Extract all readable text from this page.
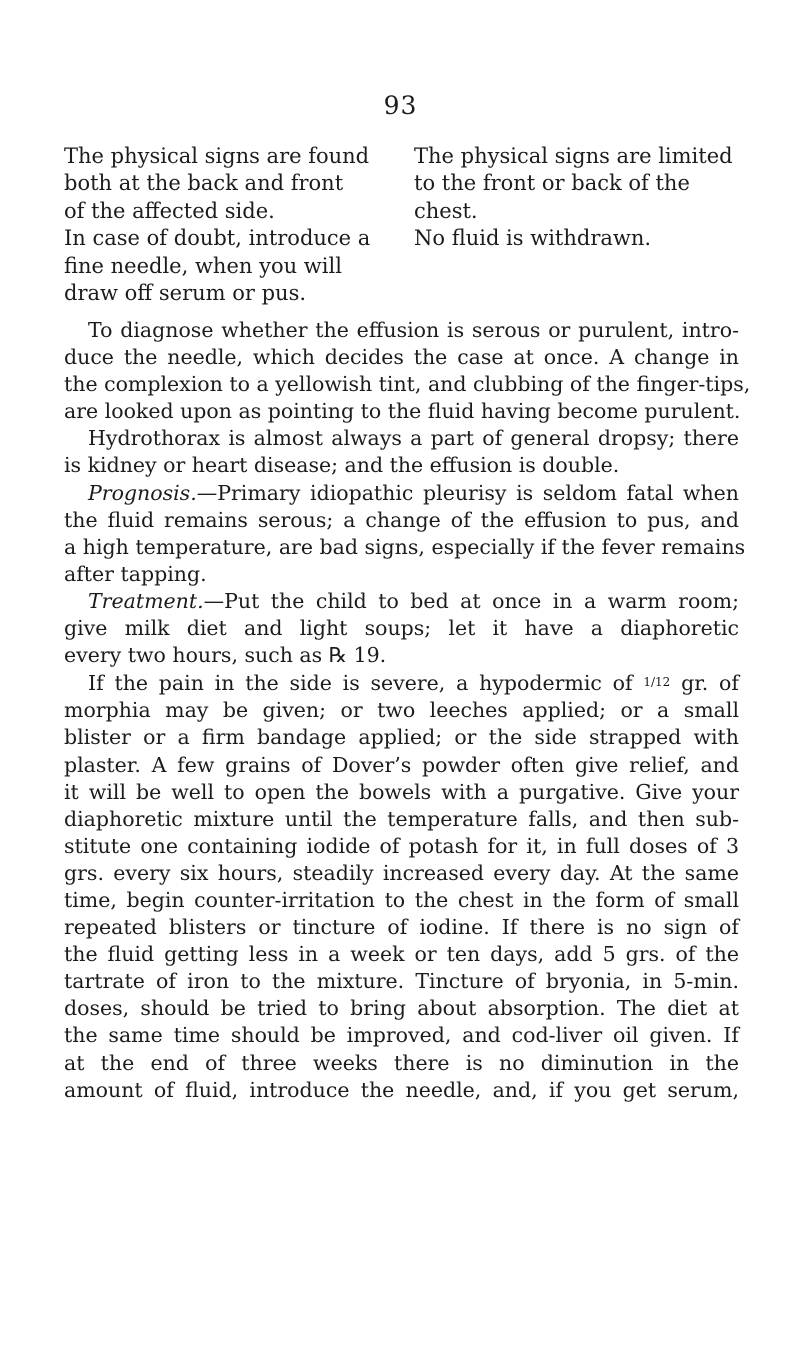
93
The physical signs are found
both at the back and front
of the affected side.
In case of doubt, introduce a
fine needle, when you will
draw off serum or pus.
The physical signs are limited
to the front or back of the
chest.
No fluid is withdrawn.
To diagnose whether the effusion is serous or purulent, intro-
duce the needle, which decides the case at once. A change in
the complexion to a yellowish tint, and clubbing of the finger-tips,
are looked upon as pointing to the fluid having become purulent.
Hydrothorax is almost always a part of general dropsy; there
is kidney or heart disease; and the effusion is double.
Prognosis.—Primary idiopathic pleurisy is seldom fatal when
the fluid remains serous; a change of the effusion to pus, and
a high temperature, are bad signs, especially if the fever remains
after tapping.
Treatment.—Put the child to bed at once in a warm room;
give milk diet and light soups; let it have a diaphoretic
every two hours, such as ℞ 19.
If the pain in the side is severe, a hypodermic of 1/12 gr. of
morphia may be given; or two leeches applied; or a small
blister or a firm bandage applied; or the side strapped with
plaster. A few grains of Dover’s powder often give relief, and
it will be well to open the bowels with a purgative. Give your
diaphoretic mixture until the temperature falls, and then sub-
stitute one containing iodide of potash for it, in full doses of 3
grs. every six hours, steadily increased every day. At the same
time, begin counter-irritation to the chest in the form of small
repeated blisters or tincture of iodine. If there is no sign of
the fluid getting less in a week or ten days, add 5 grs. of the
tartrate of iron to the mixture. Tincture of bryonia, in 5-min.
doses, should be tried to bring about absorption. The diet at
the same time should be improved, and cod-liver oil given. If
at the end of three weeks there is no diminution in the
amount of fluid, introduce the needle, and, if you get serum,
